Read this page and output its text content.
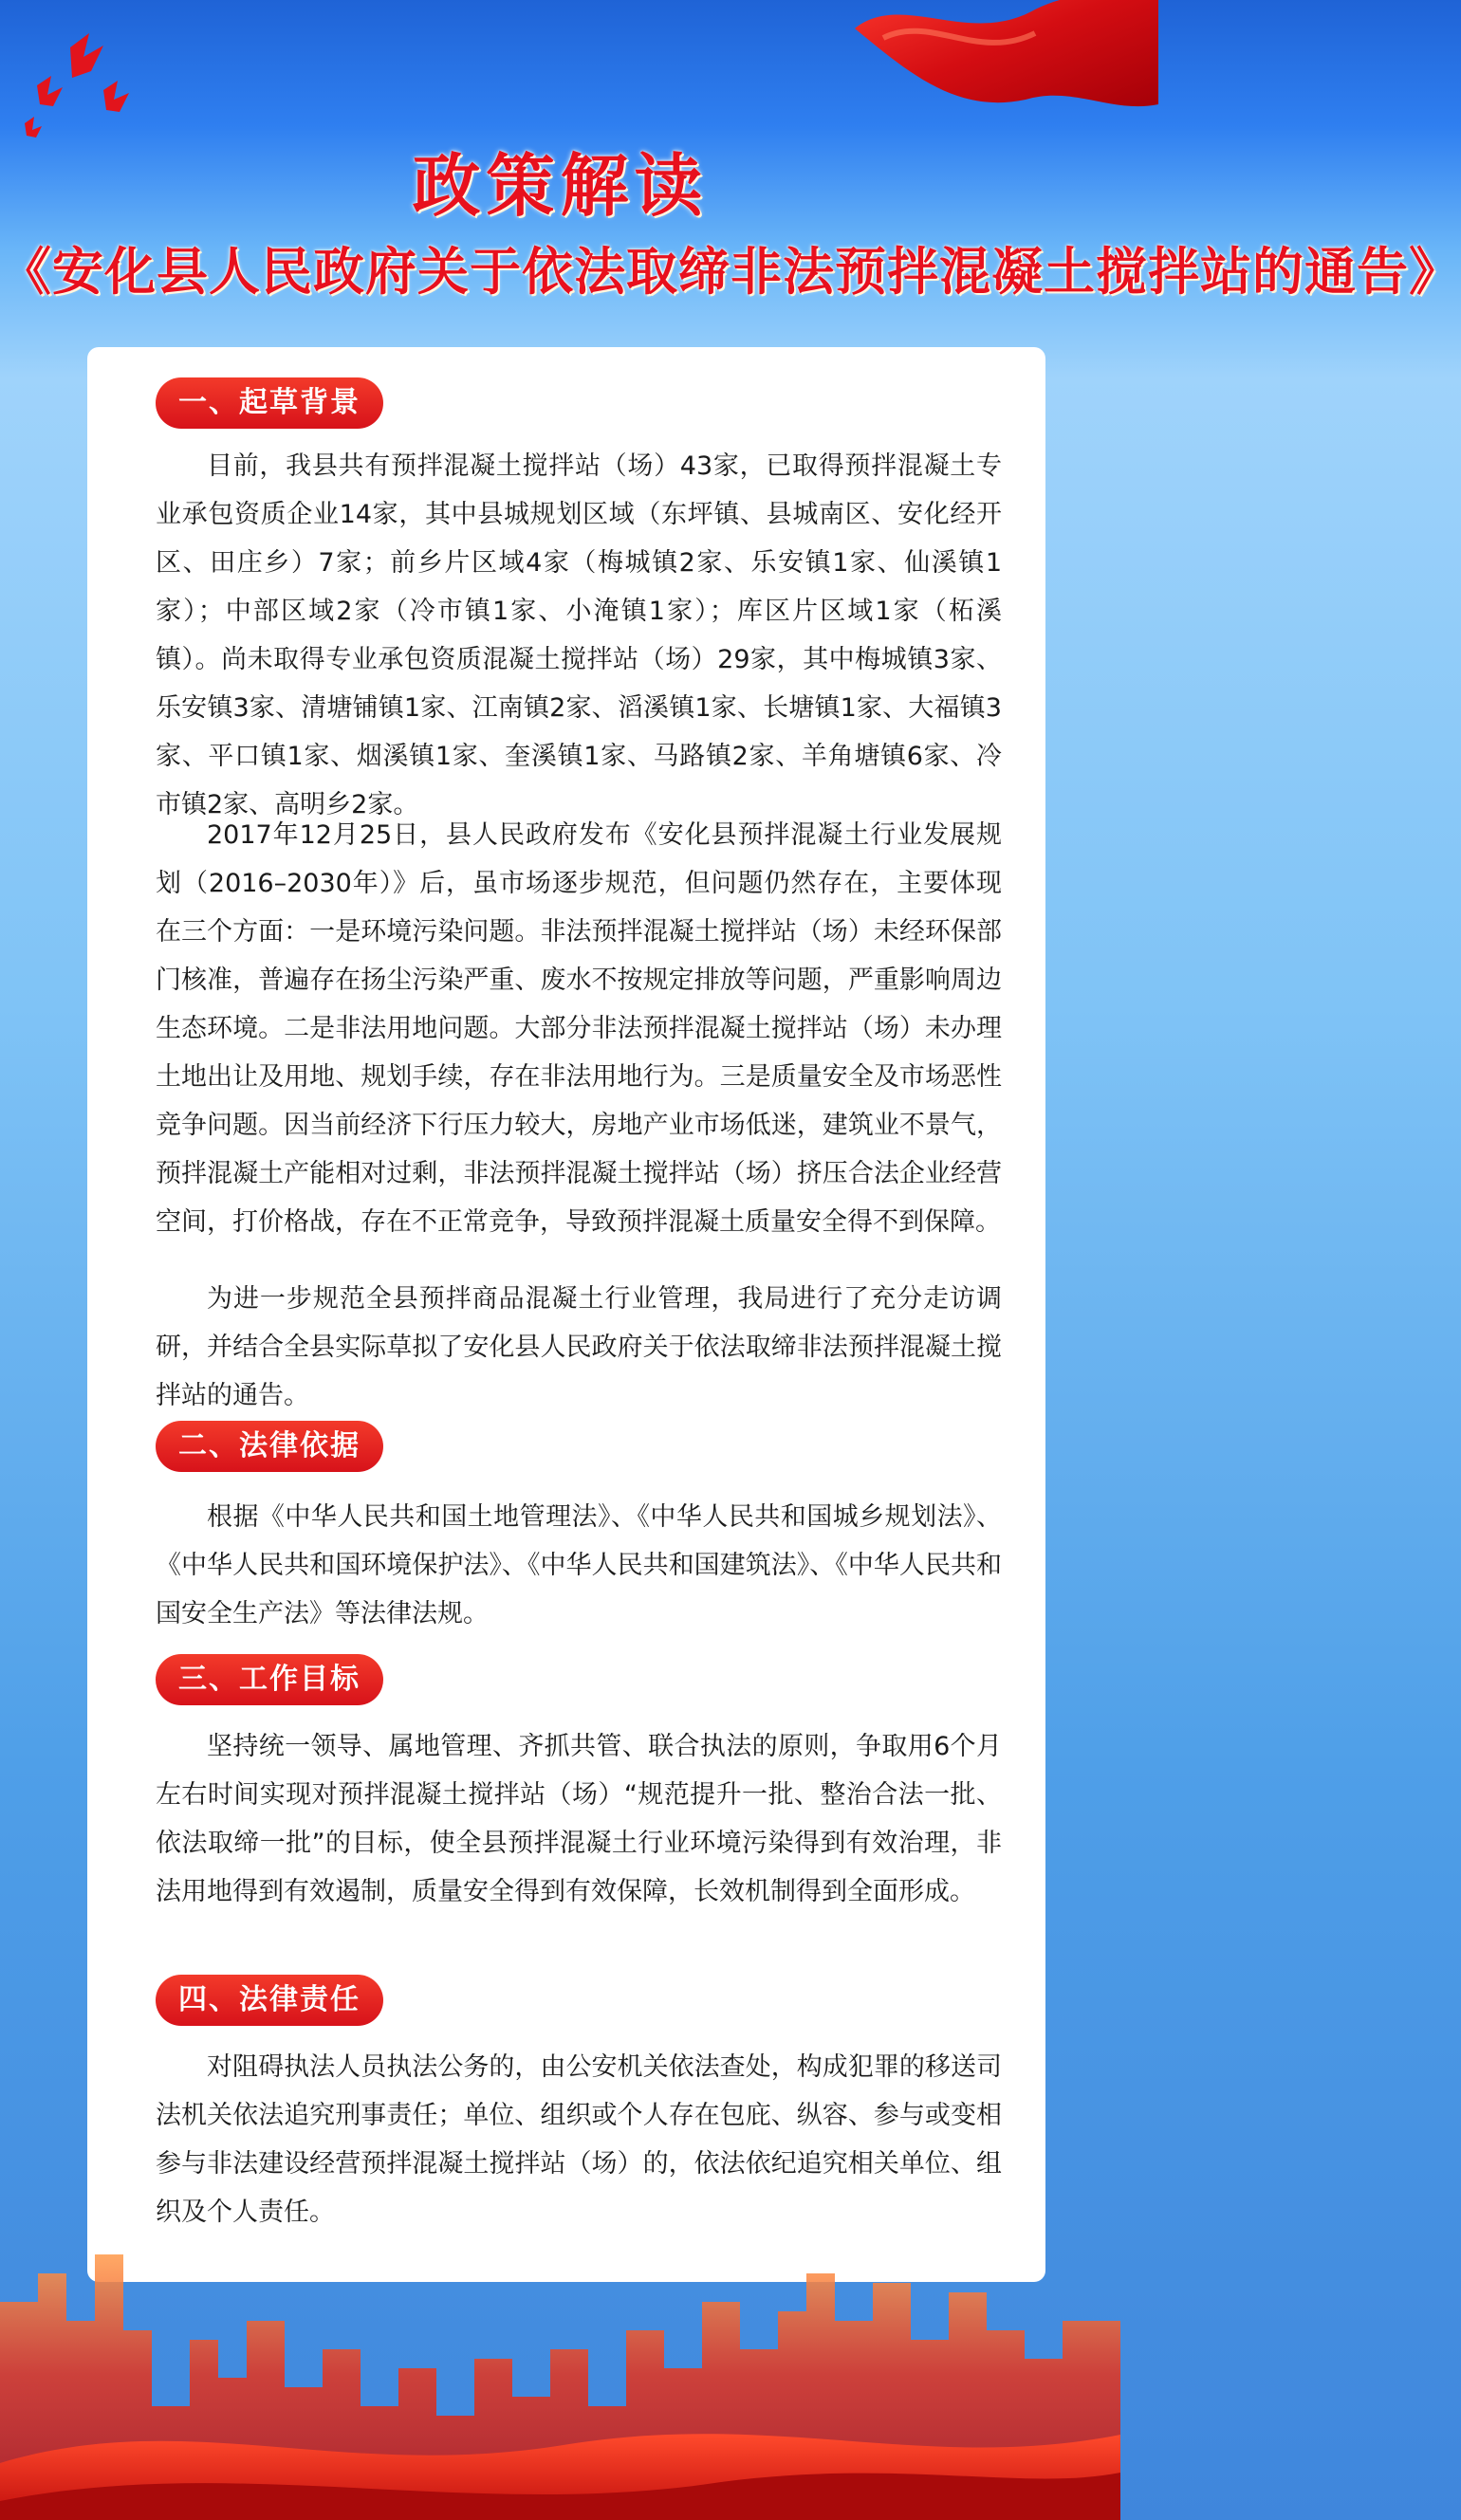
政策解读
《安化县人民政府关于依法取缔非法预拌混凝土搅拌站的通告》
一、起草背景
目前，我县共有预拌混凝土搅拌站（场）43家，已取得预拌混凝土专业承包资质企业14家，其中县城规划区域（东坪镇、县城南区、安化经开区、田庄乡）7家；前乡片区域4家（梅城镇2家、乐安镇1家、仙溪镇1家）；中部区域2家（冷市镇1家、小淹镇1家）；库区片区域1家（柘溪镇）。尚未取得专业承包资质混凝土搅拌站（场）29家，其中梅城镇3家、乐安镇3家、清塘铺镇1家、江南镇2家、滔溪镇1家、长塘镇1家、大福镇3家、平口镇1家、烟溪镇1家、奎溪镇1家、马路镇2家、羊角塘镇6家、冷市镇2家、高明乡2家。
2017年12月25日，县人民政府发布《安化县预拌混凝土行业发展规划（2016–2030年）》后，虽市场逐步规范，但问题仍然存在，主要体现在三个方面：一是环境污染问题。非法预拌混凝土搅拌站（场）未经环保部门核准，普遍存在扬尘污染严重、废水不按规定排放等问题，严重影响周边生态环境。二是非法用地问题。大部分非法预拌混凝土搅拌站（场）未办理土地出让及用地、规划手续，存在非法用地行为。三是质量安全及市场恶性竞争问题。因当前经济下行压力较大，房地产业市场低迷，建筑业不景气，预拌混凝土产能相对过剩，非法预拌混凝土搅拌站（场）挤压合法企业经营空间，打价格战，存在不正常竞争，导致预拌混凝土质量安全得不到保障。
为进一步规范全县预拌商品混凝土行业管理，我局进行了充分走访调研，并结合全县实际草拟了安化县人民政府关于依法取缔非法预拌混凝土搅拌站的通告。
二、法律依据
根据《中华人民共和国土地管理法》、《中华人民共和国城乡规划法》、《中华人民共和国环境保护法》、《中华人民共和国建筑法》、《中华人民共和国安全生产法》等法律法规。
三、工作目标
坚持统一领导、属地管理、齐抓共管、联合执法的原则，争取用6个月左右时间实现对预拌混凝土搅拌站（场）“规范提升一批、整治合法一批、依法取缔一批”的目标，使全县预拌混凝土行业环境污染得到有效治理，非法用地得到有效遏制，质量安全得到有效保障，长效机制得到全面形成。
四、法律责任
对阻碍执法人员执法公务的，由公安机关依法查处，构成犯罪的移送司法机关依法追究刑事责任；单位、组织或个人存在包庇、纵容、参与或变相参与非法建设经营预拌混凝土搅拌站（场）的，依法依纪追究相关单位、组织及个人责任。
